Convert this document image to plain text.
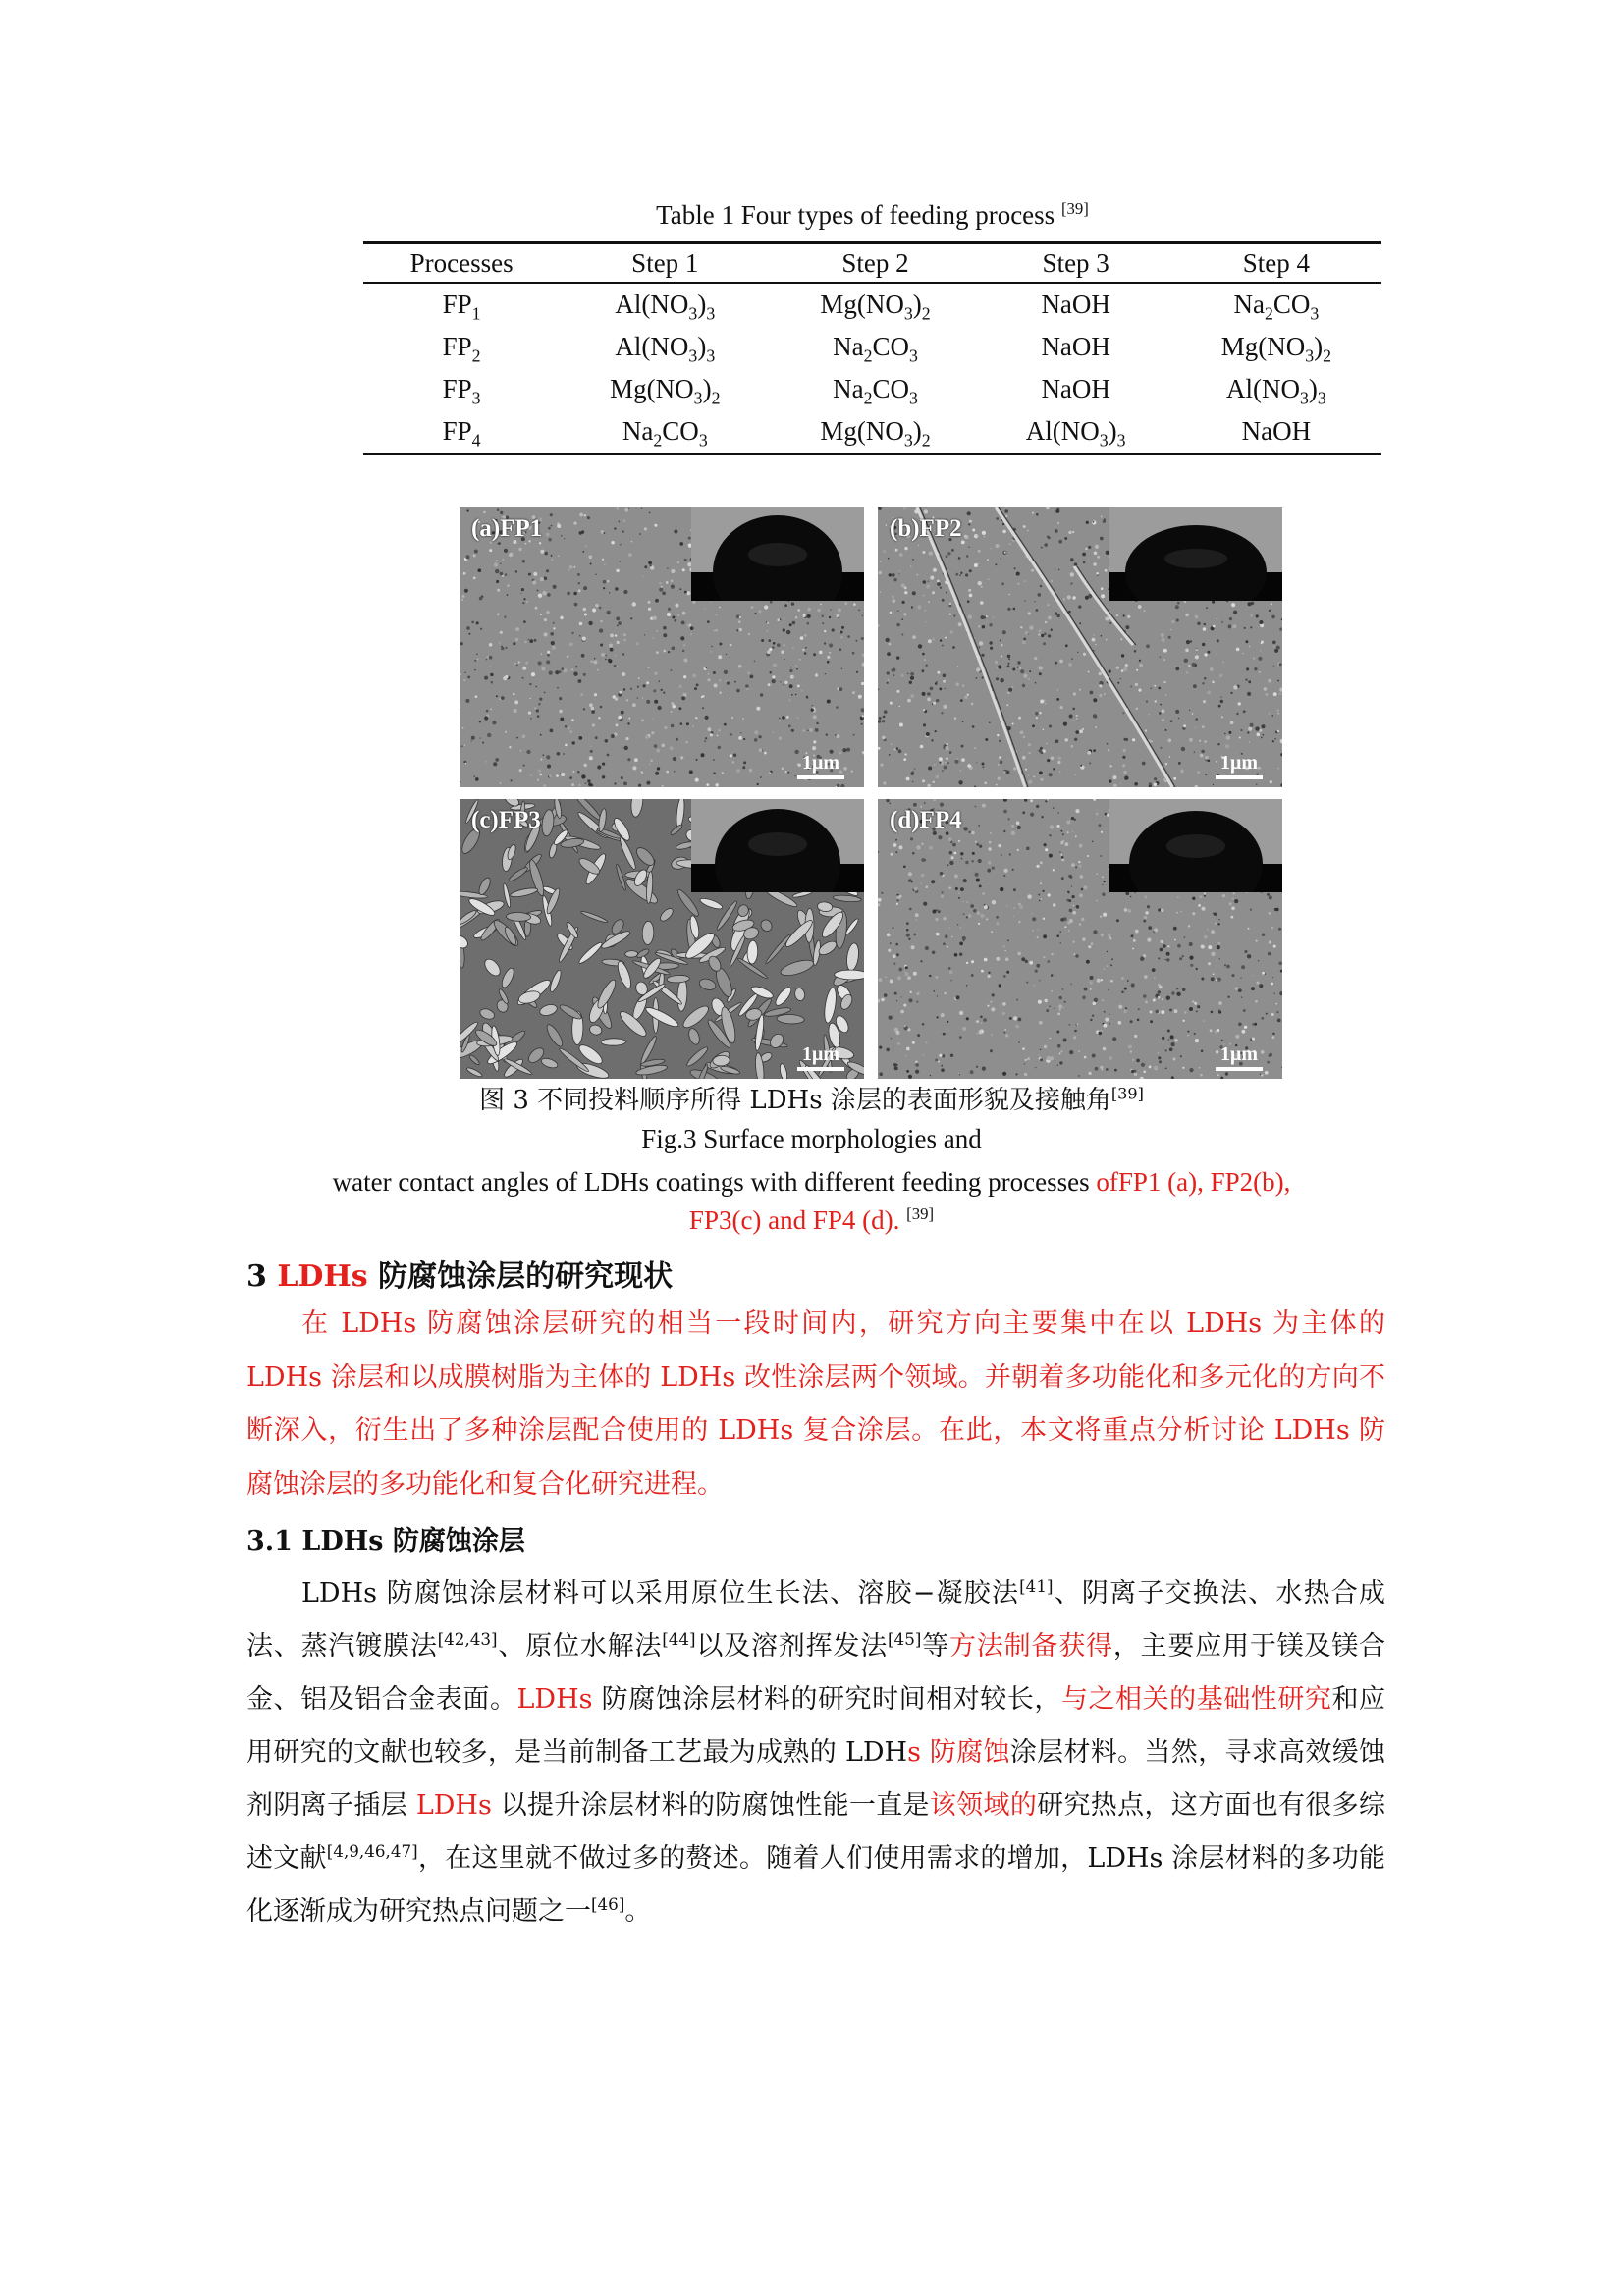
Table 1 Four types of feeding process [39]
Processes	Step 1	Step 2	Step 3	Step 4
$FP_1$	$Al(NO_3)_3$	$Mg(NO_3)_2$	NaOH	$Na_2CO_3$
$FP_2$	$Al(NO_3)_3$	$Na_2CO_3$	NaOH	$Mg(NO_3)_2$
$FP_3$	$Mg(NO_3)_2$	$Na_2CO_3$	NaOH	$Al(NO_3)_3$
$FP_4$	$Na_2CO_3$	$Mg(NO_3)_2$	$Al(NO_3)_3$	NaOH
(a)FP1
1μm
(b)FP2
1μm
(c)FP3
1μm
(d)FP4
1μm
图 3 不同投料顺序所得 LDHs 涂层的表面形貌及接触角[39]
Fig.3 Surface morphologies and
water contact angles of LDHs coatings with different feeding processes ofFP1 (a), FP2(b),
FP3(c) and FP4 (d). [39]
3 LDHs 防腐蚀涂层的研究现状
在 LDHs 防腐蚀涂层研究的相当一段时间内，研究方向主要集中在以 LDHs 为主体的 LDHs 涂层和以成膜树脂为主体的 LDHs 改性涂层两个领域。并朝着多功能化和多元化的方向不断深入，衍生出了多种涂层配合使用的 LDHs 复合涂层。在此，本文将重点分析讨论 LDHs 防腐蚀涂层的多功能化和复合化研究进程。
3.1 LDHs 防腐蚀涂层
LDHs 防腐蚀涂层材料可以采用原位生长法、溶胶−凝胶法[41]、阴离子交换法、水热合成法、蒸汽镀膜法[42,43]、原位水解法[44]以及溶剂挥发法[45]等方法制备获得，主要应用于镁及镁合金、铝及铝合金表面。LDHs 防腐蚀涂层材料的研究时间相对较长，与之相关的基础性研究和应用研究的文献也较多，是当前制备工艺最为成熟的 LDHs 防腐蚀涂层材料。当然，寻求高效缓蚀剂阴离子插层 LDHs 以提升涂层材料的防腐蚀性能一直是该领域的研究热点，这方面也有很多综述文献[4,9,46,47]，在这里就不做过多的赘述。随着人们使用需求的增加，LDHs 涂层材料的多功能化逐渐成为研究热点问题之一[46]。
